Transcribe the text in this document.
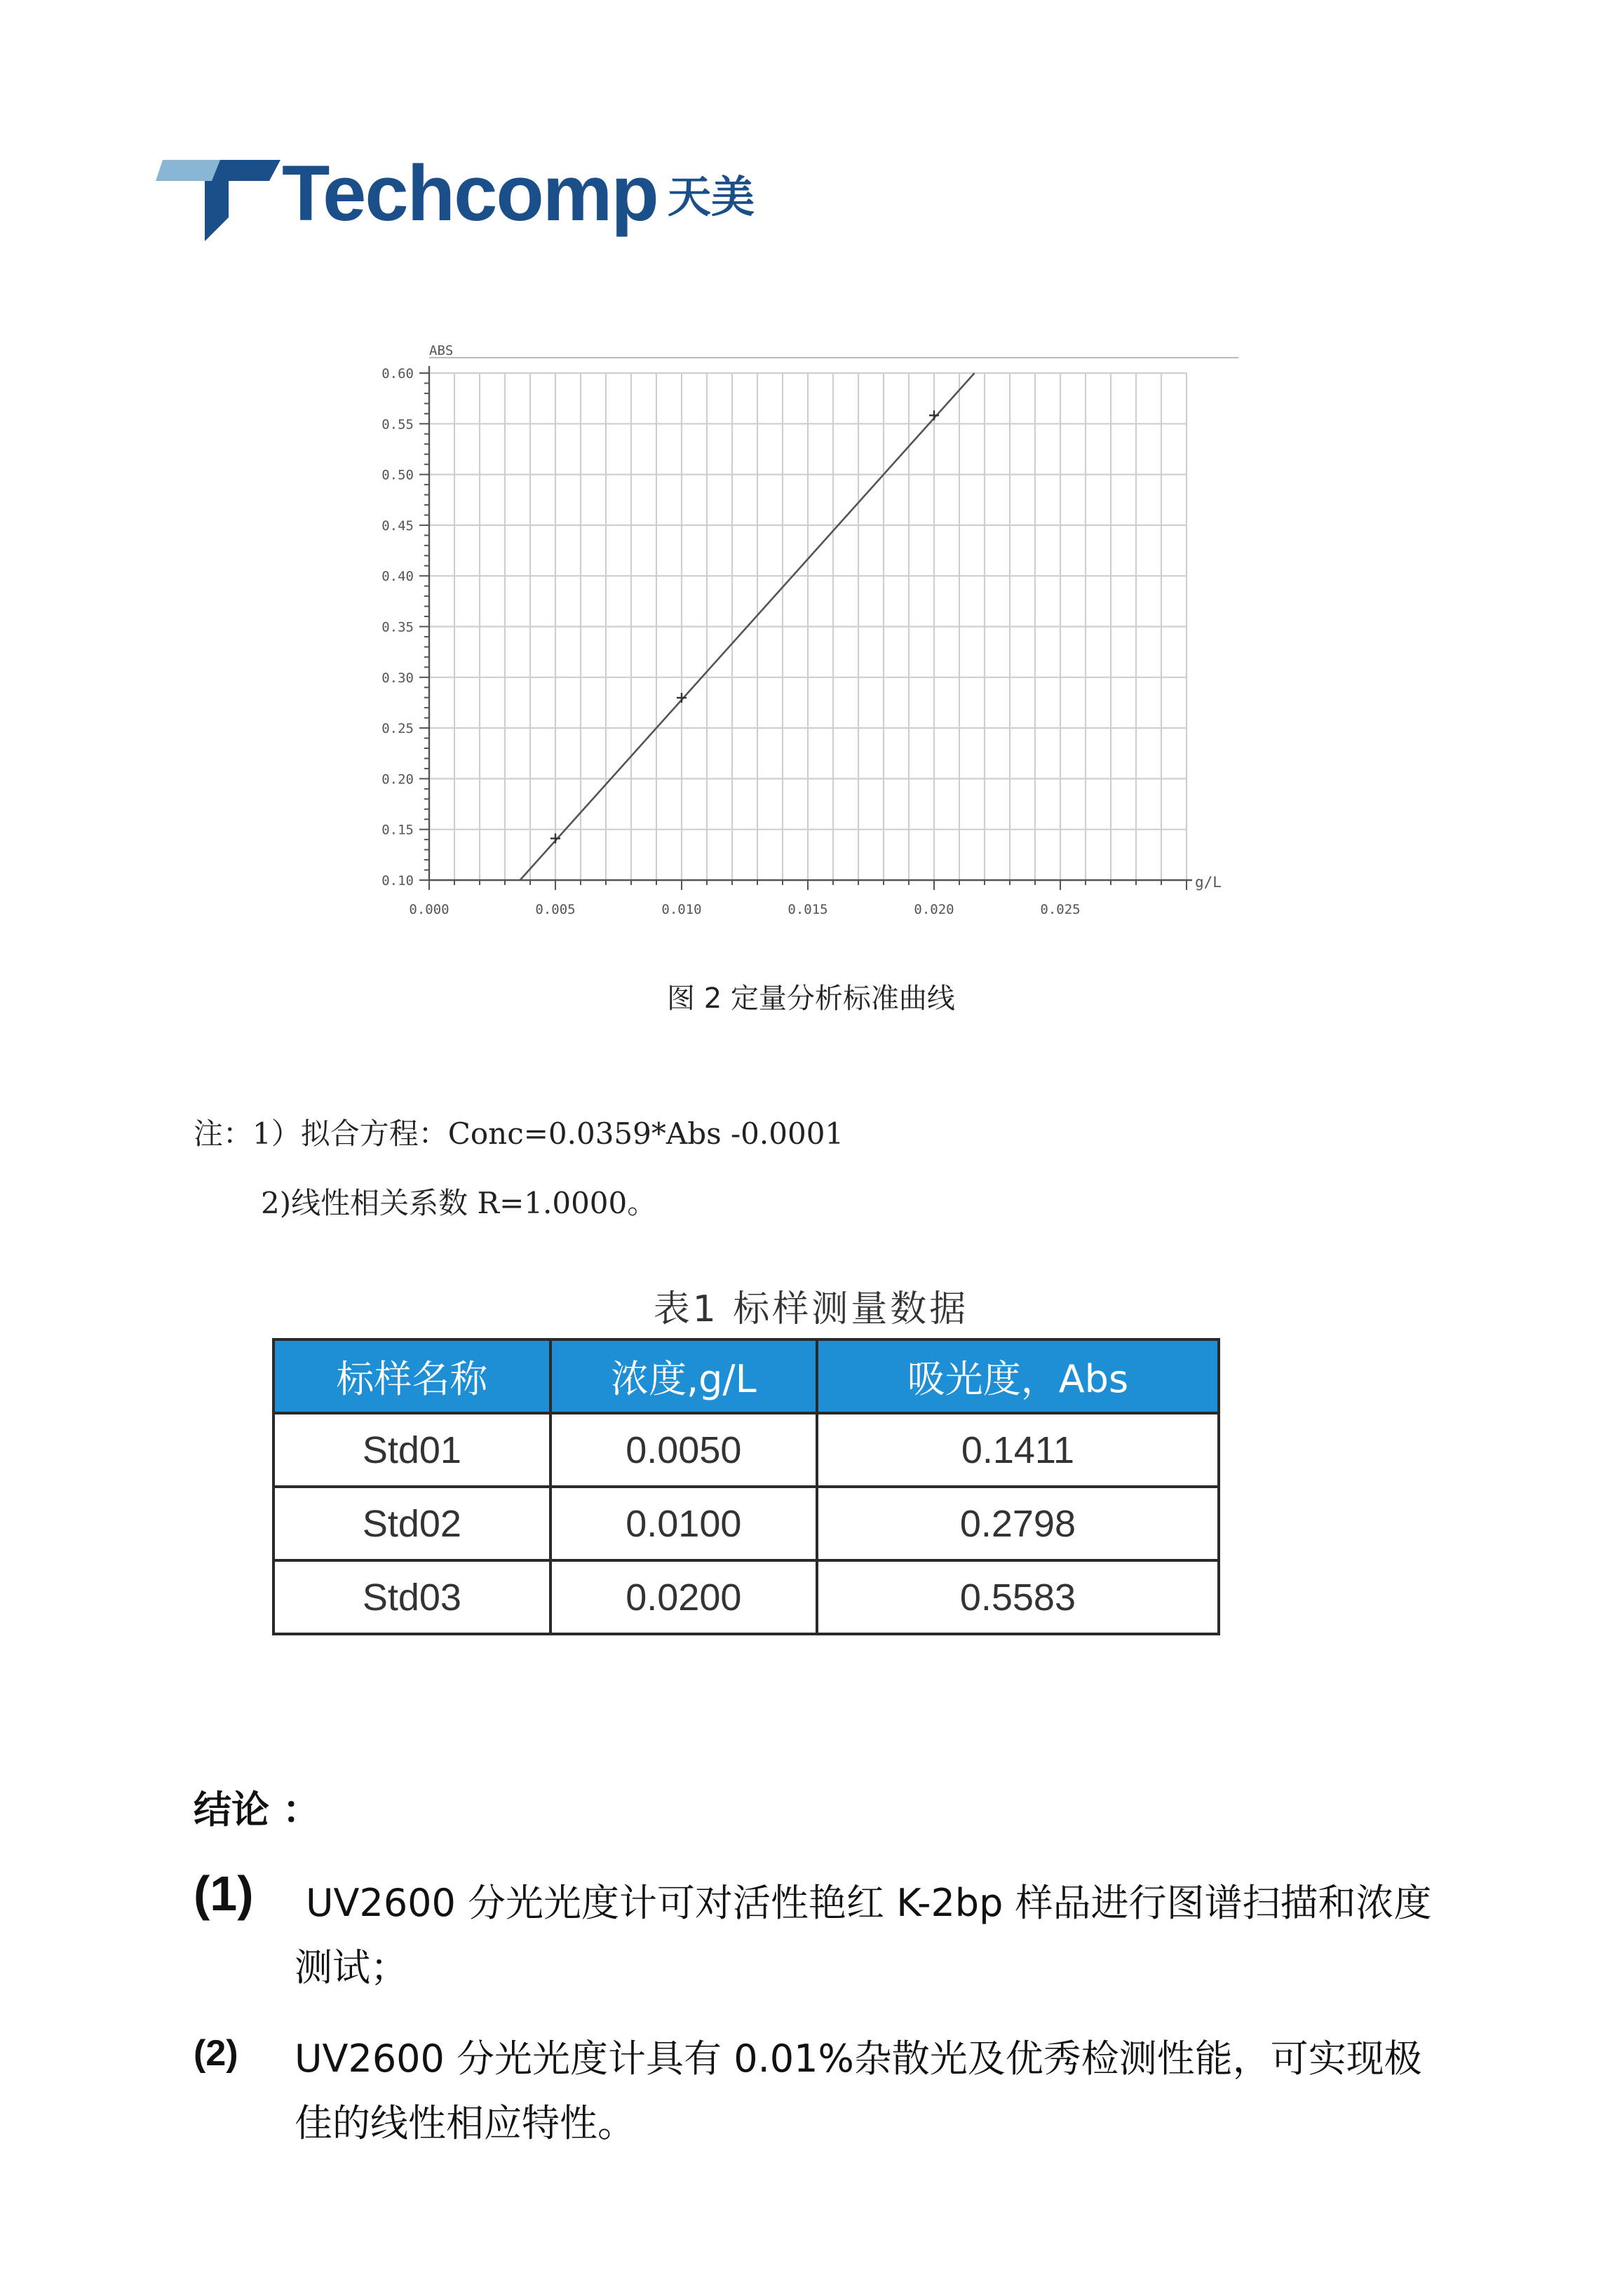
Techcomp 天美
0.10
0.15
0.20
0.25
0.30
0.35
0.40
0.45
0.50
0.55
0.60
0.000	0.005	0.010	0.015	0.020	0.025
ABS
g/L
图 2 定量分析标准曲线
注：1）拟合方程：Conc=0.0359*Abs -0.0001
2)线性相关系数 R=1.0000。
表1 标样测量数据
标样名称	浓度,g/L	吸光度，Abs
Std01	0.0050	0.1411
Std02	0.0100	0.2798
Std03	0.0200	0.5583
结论 ：
(1) UV2600 分光光度计可对活性艳红 K-2bp 样品进行图谱扫描和浓度测试；
(2) UV2600 分光光度计具有 0.01%杂散光及优秀检测性能，可实现极佳的线性相应特性。
